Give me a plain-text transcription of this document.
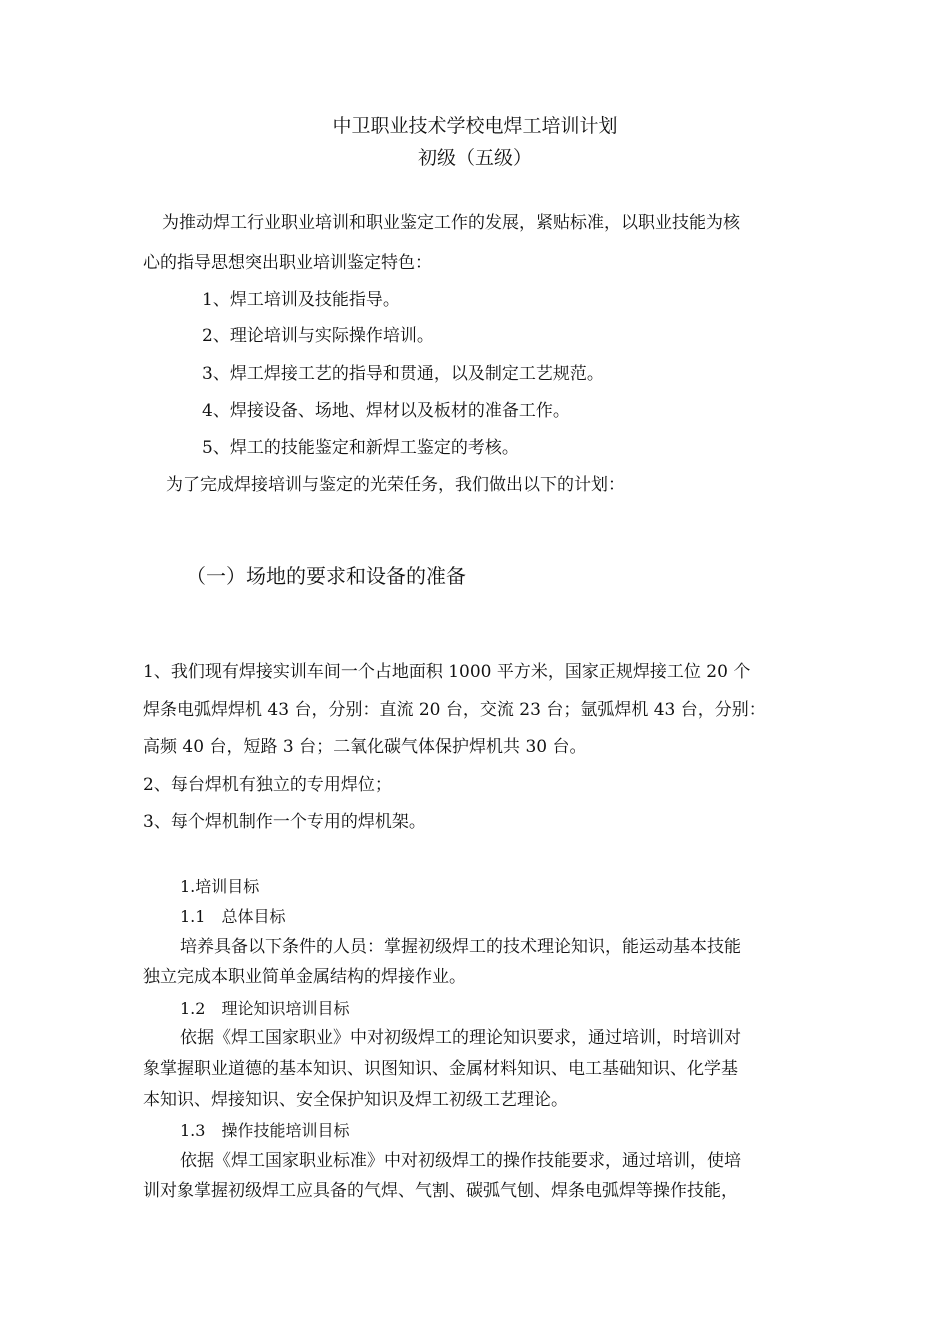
中卫职业技术学校电焊工培训计划
初级（五级）
为推动焊工行业职业培训和职业鉴定工作的发展，紧贴标准，以职业技能为核
心的指导思想突出职业培训鉴定特色：
1、焊工培训及技能指导。
2、理论培训与实际操作培训。
3、焊工焊接工艺的指导和贯通，以及制定工艺规范。
4、焊接设备、场地、焊材以及板材的准备工作。
5、焊工的技能鉴定和新焊工鉴定的考核。
为了完成焊接培训与鉴定的光荣任务，我们做出以下的计划：
（一）场地的要求和设备的准备
1、我们现有焊接实训车间一个占地面积 1000 平方米，国家正规焊接工位 20 个
焊条电弧焊焊机 43 台，分别：直流 20 台，交流 23 台；氩弧焊机 43 台，分别：
高频 40 台，短路 3 台；二氧化碳气体保护焊机共 30 台。
2、每台焊机有独立的专用焊位；
3、每个焊机制作一个专用的焊机架。
1.培训目标
1.1　总体目标
培养具备以下条件的人员：掌握初级焊工的技术理论知识，能运动基本技能
独立完成本职业简单金属结构的焊接作业。
1.2　理论知识培训目标
依据《焊工国家职业》中对初级焊工的理论知识要求，通过培训，时培训对
象掌握职业道德的基本知识、识图知识、金属材料知识、电工基础知识、化学基
本知识、焊接知识、安全保护知识及焊工初级工艺理论。
1.3　操作技能培训目标
依据《焊工国家职业标准》中对初级焊工的操作技能要求，通过培训，使培
训对象掌握初级焊工应具备的气焊、气割、碳弧气刨、焊条电弧焊等操作技能，
